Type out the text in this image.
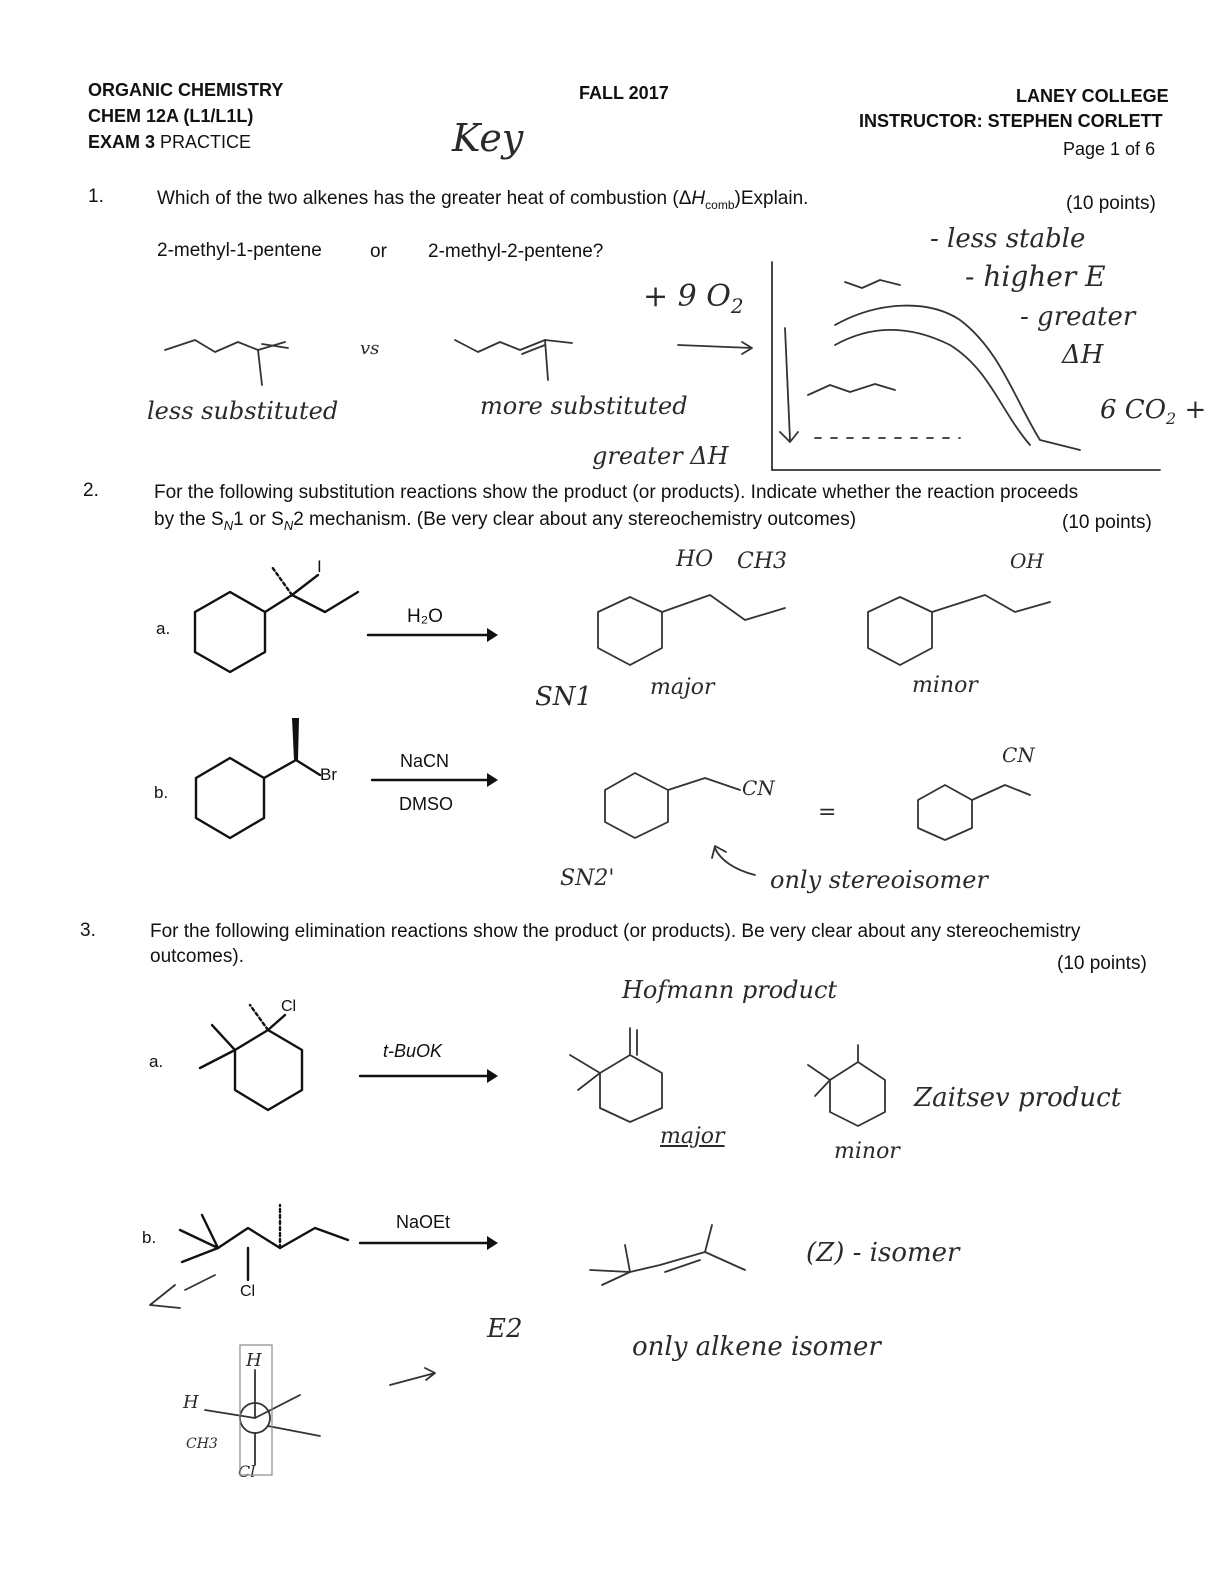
ORGANIC CHEMISTRY
CHEM 12A (L1/L1L)
EXAM 3 PRACTICE
FALL 2017	LANEY COLLEGE
INSTRUCTOR: STEPHEN CORLETT
Page 1 of 6
Key
1.	Which of the two alkenes has the greater heat of combustion $(\Delta H_{comb})Explain$.	(10 points)
2-methyl-1-pentene	or 2-methyl-2-pentene?
vs
less substituted	more substituted
greater ΔH
+ 9 $O_2$
- less stable
- higher E
- greater
ΔH
6 $CO_2$ +
2.	For the following substitution reactions show the product (or products). Indicate whether the reaction proceeds
by the $S_N1$ or $S_N2$ mechanism. (Be very clear about any stereochemistry outcomes)	(10 points)
a.
I
H₂O
SN1	major	minor
HO CH3	OH
b.
Br
NaCN
DMSO
CN
=
CN
SN2'	only stereoisomer
3.	For the following elimination reactions show the product (or products). Be very clear about any stereochemistry
outcomes).	(10 points)
a.
Cl
t-BuOK
Hofmann product
major
minor
Zaitsev product
b.
Cl
NaOEt
E2
(Z) - isomer
only alkene isomer
H
H
CH3
Cl
